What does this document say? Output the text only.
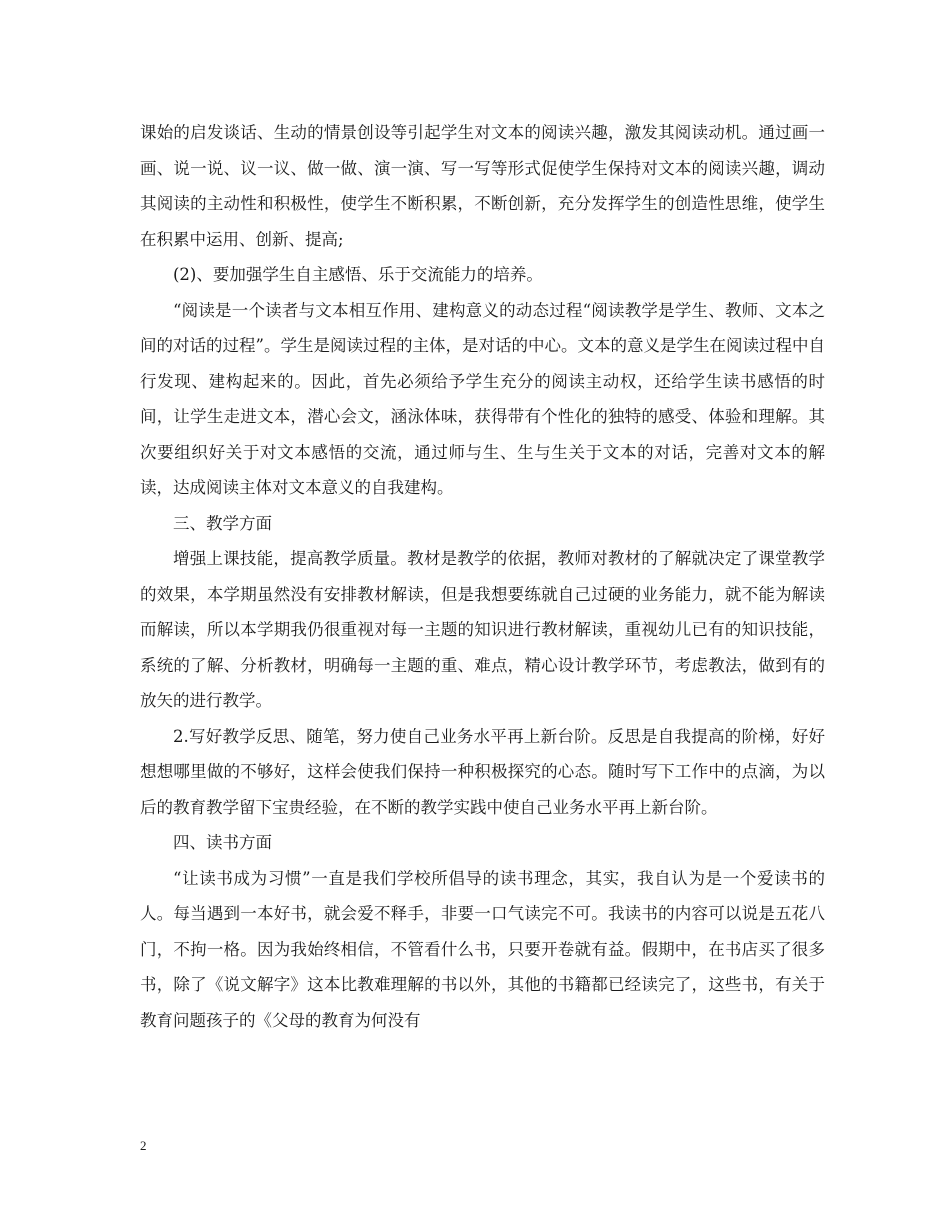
课始的启发谈话、生动的情景创设等引起学生对文本的阅读兴趣，激发其阅读动机。通过画一画、说一说、议一议、做一做、演一演、写一写等形式促使学生保持对文本的阅读兴趣，调动其阅读的主动性和积极性，使学生不断积累，不断创新，充分发挥学生的创造性思维，使学生在积累中运用、创新、提高;

(2)、要加强学生自主感悟、乐于交流能力的培养。

“阅读是一个读者与文本相互作用、建构意义的动态过程“阅读教学是学生、教师、文本之间的对话的过程”。学生是阅读过程的主体，是对话的中心。文本的意义是学生在阅读过程中自行发现、建构起来的。因此，首先必须给予学生充分的阅读主动权，还给学生读书感悟的时间，让学生走进文本，潜心会文，涵泳体味，获得带有个性化的独特的感受、体验和理解。其次要组织好关于对文本感悟的交流，通过师与生、生与生关于文本的对话，完善对文本的解读，达成阅读主体对文本意义的自我建构。

三、教学方面

增强上课技能，提高教学质量。教材是教学的依据，教师对教材的了解就决定了课堂教学的效果，本学期虽然没有安排教材解读，但是我想要练就自己过硬的业务能力，就不能为解读而解读，所以本学期我仍很重视对每一主题的知识进行教材解读，重视幼儿已有的知识技能，系统的了解、分析教材，明确每一主题的重、难点，精心设计教学环节，考虑教法，做到有的放矢的进行教学。

2.写好教学反思、随笔，努力使自己业务水平再上新台阶。反思是自我提高的阶梯，好好想想哪里做的不够好，这样会使我们保持一种积极探究的心态。随时写下工作中的点滴，为以后的教育教学留下宝贵经验，在不断的教学实践中使自己业务水平再上新台阶。

四、读书方面

“让读书成为习惯”一直是我们学校所倡导的读书理念，其实，我自认为是一个爱读书的人。每当遇到一本好书，就会爱不释手，非要一口气读完不可。我读书的内容可以说是五花八门，不拘一格。因为我始终相信，不管看什么书，只要开卷就有益。假期中，在书店买了很多书，除了《说文解字》这本比教难理解的书以外，其他的书籍都已经读完了，这些书，有关于教育问题孩子的《父母的教育为何没有

2
